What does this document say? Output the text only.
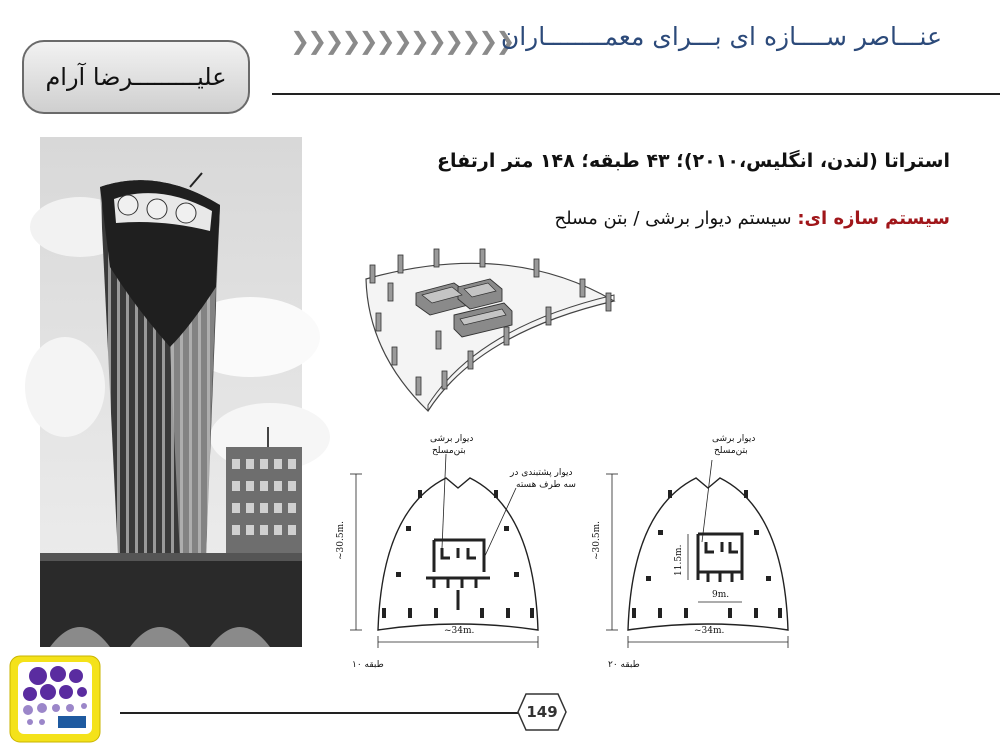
علیـــــــــرضا آرام
❯❯❯❯❯❯❯❯❯❯❯❯❯
عنـــاصر ســــازه ای بـــرای معمــــــــاران
استراتا (لندن، انگلیس،۲۰۱۰)؛ ۴۳ طبقه؛ ۱۴۸ متر ارتفاع
سیستم سازه ای: سیستم دیوار برشی / بتن مسلح
دیوار برشی
بتن‌مسلح
دیوار پشتبندی در
سه طرف هسته
~30.5m.
~34m.
طبقه ۱۰
دیوار برشی
بتن‌مسلح
~30.5m.
11.5m.
9m.
~34m.
طبقه ۲۰
149
